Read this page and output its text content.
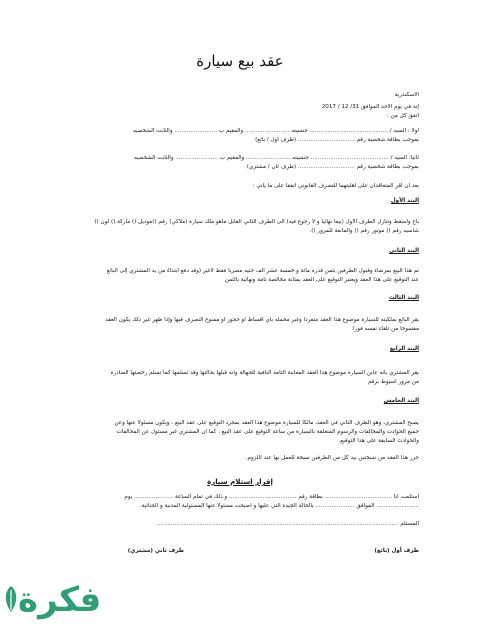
عقد بيع سيارة
الاسكندرية
إنه في يوم الاحد الموافق 31/ 12 / 2017
اتفق كل من :
أولاً : السيد / ............................................ جنسيته ......................... والمقيم ب ........................ والثابت الشخصيه
بموجب بطاقة شخصية رقم ................................ (طرف أول / بائع)
ثانياً: السيد / ............................................ جنسيته ......................... والمقيم ب ........................ والثابت الشخصيه
بموجب بطاقة شخصية رقم ................................ (طرف ثان / مشتري)
بعد أن أقر المتعاقدان على أهليتهما للتصرف القانوني اتفقا على ما يأتي :
البند الأول
باع وأسقط وتنازل الطرف الأول (بيعاً نهائياً و لا رجوع فيه) الى الطرف الثاني القابل ماهو ملك سيارة (ملاكي) رقم ()موديل () ماركة () لون ()
شاسيه رقم () موتور رقم () والمانعة للمرور ().
البند الثاني
تم هذا البيع بمرضاء وقبول الطرفين بثمن قدره مائة و خمسة عشر ألف جنيه مصرياً فقط لاغير (وقد دفع ابتداءً من يد المشتري إلى البائع
عند التوقيع على هذا العقد ويعتبر التوقيع على العقد بمثابة مخالصة تامة ونهائية بالثمن
البند الثالث
يقر البائع بملكيته للسيارة موضوع هذا العقد منفرداً وغير محمله بأي أقساط أو حجوز أو ممنوع التصرف فيها وإذا ظهر غير ذلك يكون العقد
مفسوخاً من تلقاء نفسه فوراً.
البند الرابع
يقر المشتري بأنه عاين السيارة موضوع هذا العقد المعاينة التامة النافية للجهالة وأنه قبلها بحالتها وقد تسلمها كما تسلم رخصتها الصادرة
من مرور أسيوط برقم
البند الخامس
يصبح المشتري، وهو الطرف الثاني في العقد، مالكاً للسيارة موضوع هذا العقد بمجرد التوقيع على عقد البيع ، ويكون مسئولاً عنها وعن
جميع الحوادث والمخالفات والرسوم المتعلقة بالسيارة من ساعة التوقيع على عقد البيع ، كما أن المشتري غير مسئول عن المخالفات
والحوادث السابقة على هذا التوقيع.
حرر هذا العقد من نسختين بيد كل من الطرفين نسخة للعمل بها عند اللزوم.
إقرار استلام سيارة
استلمت أنا ...................................... بطاقة رقم ...................................... و ذلك في تمام الساعة ...................... يوم
........................ الموافق ...................... بالحالة الجيدة التي عليها و أصبحت مسئولا عنها المسئولية المدنية و الجنائية.
المستلم ........................................................................................................................................
طرف أول (بائع)
طرف ثاني (مشتري)
فكرة
